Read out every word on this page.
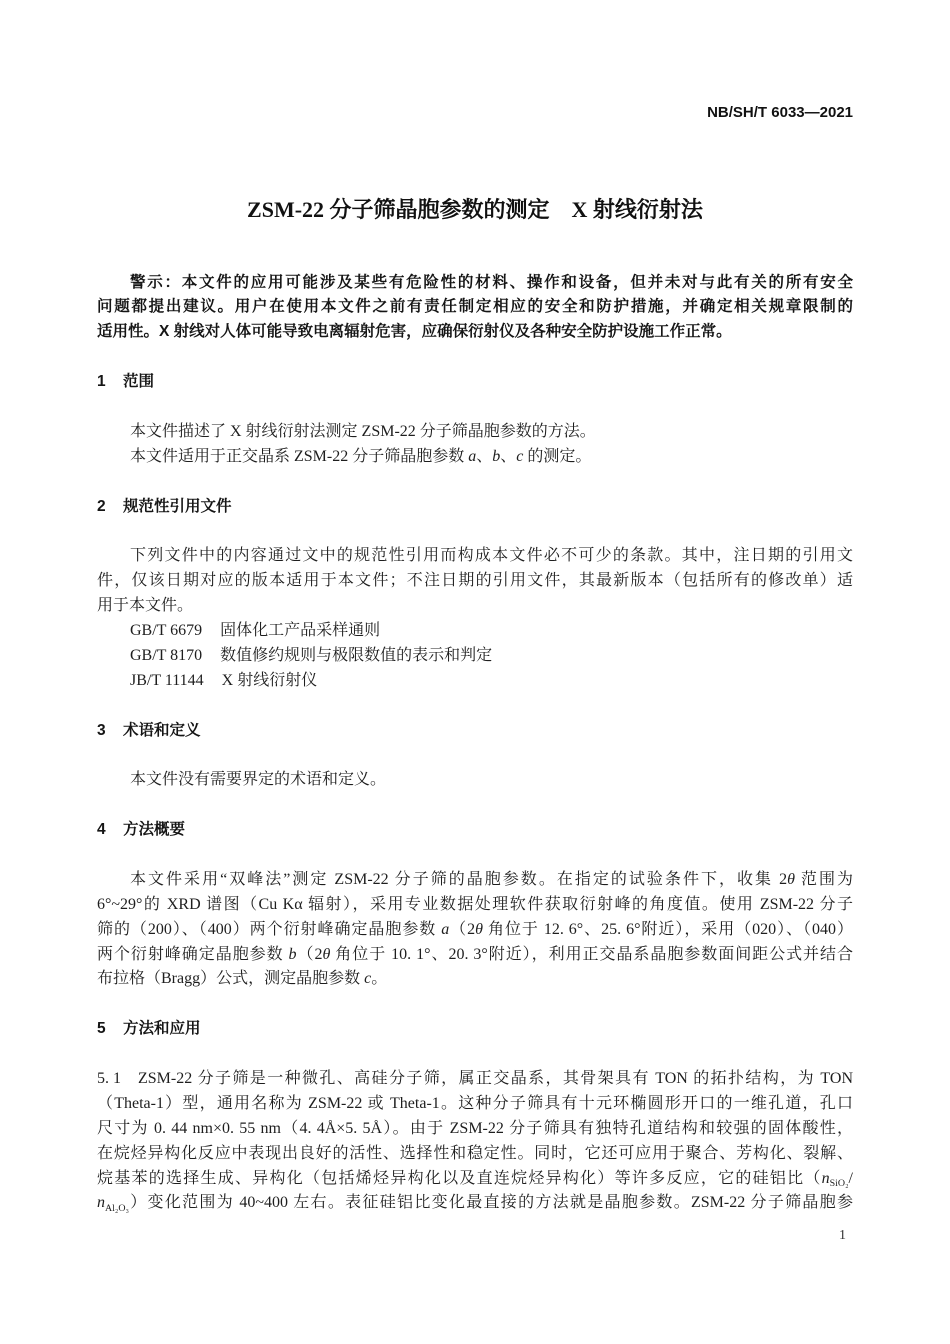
NB/SH/T 6033—2021
ZSM-22 分子筛晶胞参数的测定　X 射线衍射法
警示：本文件的应用可能涉及某些有危险性的材料、操作和设备，但并未对与此有关的所有安全
问题都提出建议。用户在使用本文件之前有责任制定相应的安全和防护措施，并确定相关规章限制的
适用性。X 射线对人体可能导致电离辐射危害，应确保衍射仪及各种安全防护设施工作正常。
1 范围
本文件描述了 X 射线衍射法测定 ZSM-22 分子筛晶胞参数的方法。
本文件适用于正交晶系 ZSM-22 分子筛晶胞参数 a、b、c 的测定。
2 规范性引用文件
下列文件中的内容通过文中的规范性引用而构成本文件必不可少的条款。其中，注日期的引用文
件，仅该日期对应的版本适用于本文件；不注日期的引用文件，其最新版本（包括所有的修改单）适
用于本文件。
GB/T 6679 固体化工产品采样通则
GB/T 8170 数值修约规则与极限数值的表示和判定
JB/T 11144 X 射线衍射仪
3 术语和定义
本文件没有需要界定的术语和定义。
4 方法概要
本文件采用“双峰法”测定 ZSM-22 分子筛的晶胞参数。在指定的试验条件下，收集 2θ 范围为
6°~29°的 XRD 谱图（Cu Kα 辐射），采用专业数据处理软件获取衍射峰的角度值。使用 ZSM-22 分子
筛的（200）、（400）两个衍射峰确定晶胞参数 a（2θ 角位于 12. 6°、25. 6°附近），采用（020）、（040）
两个衍射峰确定晶胞参数 b（2θ 角位于 10. 1°、20. 3°附近），利用正交晶系晶胞参数面间距公式并结合
布拉格（Bragg）公式，测定晶胞参数 c。
5 方法和应用
5. 1 ZSM-22 分子筛是一种微孔、高硅分子筛，属正交晶系，其骨架具有 TON 的拓扑结构，为 TON
（Theta-1）型，通用名称为 ZSM-22 或 Theta-1。这种分子筛具有十元环椭圆形开口的一维孔道，孔口
尺寸为 0. 44 nm×0. 55 nm（4. 4Å×5. 5Å）。由于 ZSM-22 分子筛具有独特孔道结构和较强的固体酸性，
在烷烃异构化反应中表现出良好的活性、选择性和稳定性。同时，它还可应用于聚合、芳构化、裂解、
烷基苯的选择生成、异构化（包括烯烃异构化以及直连烷烃异构化）等许多反应，它的硅铝比（$n_{SiO_2}/$
$n_{Al_2O_3}$）变化范围为 40~400 左右。表征硅铝比变化最直接的方法就是晶胞参数。ZSM-22 分子筛晶胞参
1
